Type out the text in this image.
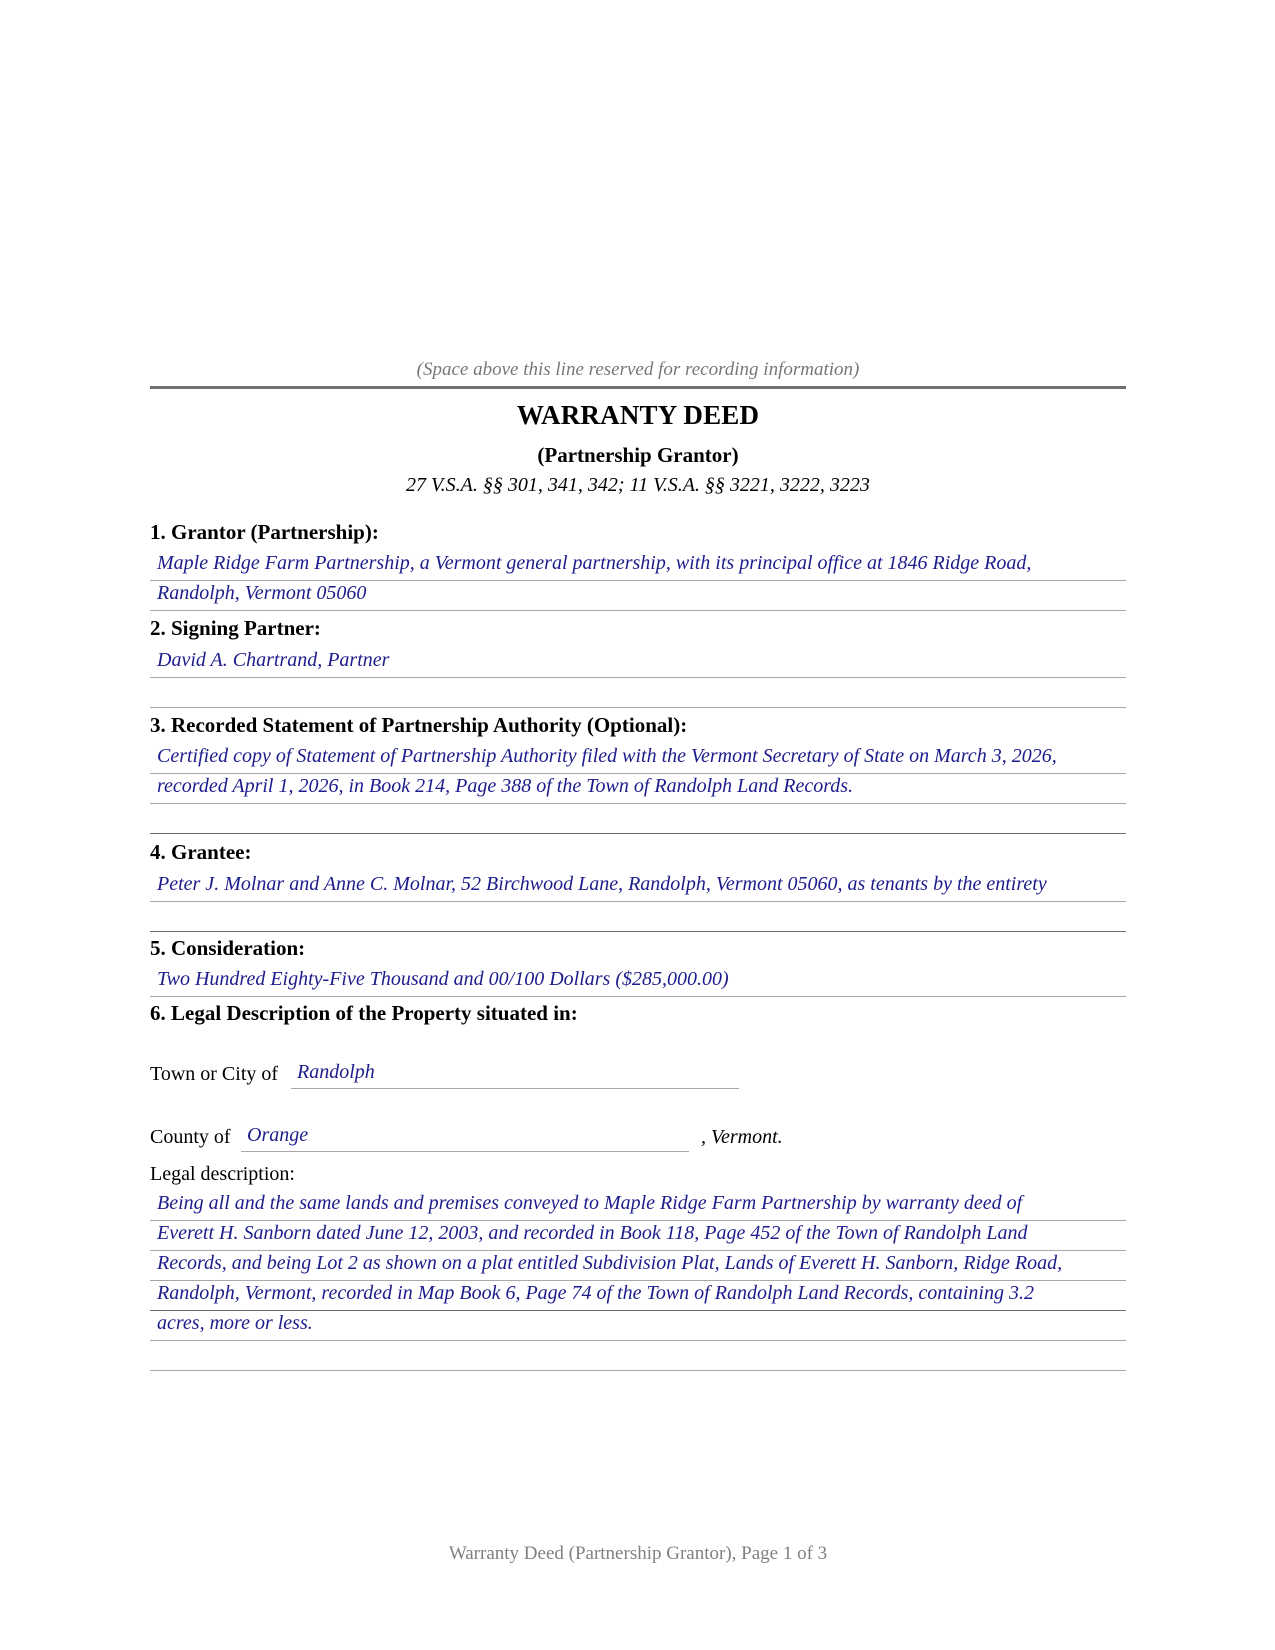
(Space above this line reserved for recording information)
WARRANTY DEED
(Partnership Grantor)
27 V.S.A. §§ 301, 341, 342; 11 V.S.A. §§ 3221, 3222, 3223
1. Grantor (Partnership):
Maple Ridge Farm Partnership, a Vermont general partnership, with its principal office at 1846 Ridge Road,
Randolph, Vermont 05060
2. Signing Partner:
David A. Chartrand, Partner
3. Recorded Statement of Partnership Authority (Optional):
Certified copy of Statement of Partnership Authority filed with the Vermont Secretary of State on March 3, 2026,
recorded April 1, 2026, in Book 214, Page 388 of the Town of Randolph Land Records.
4. Grantee:
Peter J. Molnar and Anne C. Molnar, 52 Birchwood Lane, Randolph, Vermont 05060, as tenants by the entirety
5. Consideration:
Two Hundred Eighty-Five Thousand and 00/100 Dollars ($285,000.00)
6. Legal Description of the Property situated in:
Town or City of Randolph
County of Orange	, Vermont.
Legal description:
Being all and the same lands and premises conveyed to Maple Ridge Farm Partnership by warranty deed of
Everett H. Sanborn dated June 12, 2003, and recorded in Book 118, Page 452 of the Town of Randolph Land
Records, and being Lot 2 as shown on a plat entitled Subdivision Plat, Lands of Everett H. Sanborn, Ridge Road,
Randolph, Vermont, recorded in Map Book 6, Page 74 of the Town of Randolph Land Records, containing 3.2
acres, more or less.
Warranty Deed (Partnership Grantor), Page 1 of 3
